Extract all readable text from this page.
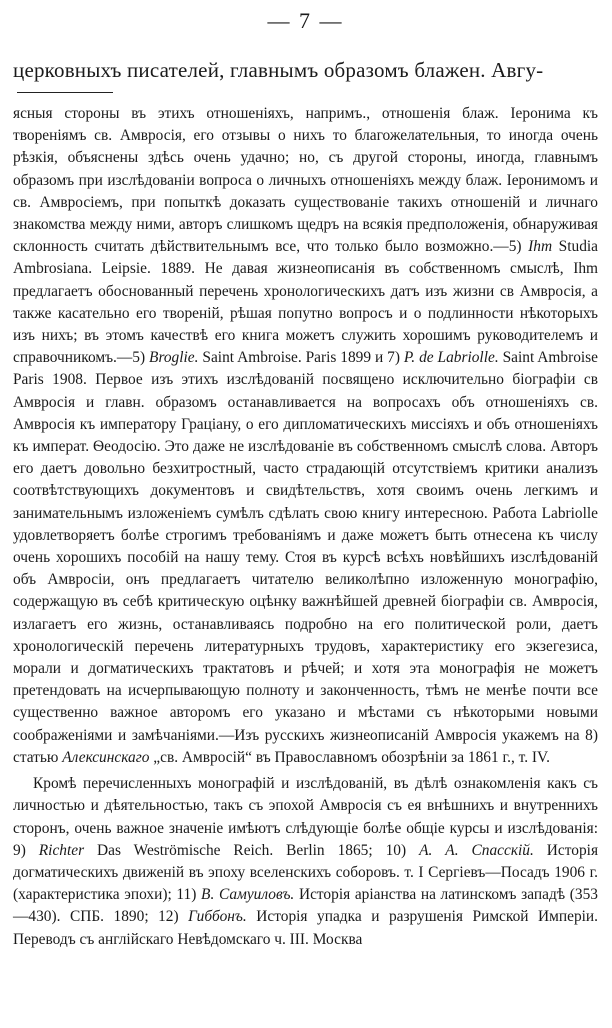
— 7 —
церковныхъ писателей, главнымъ образомъ блажен. Авгу-

ясныя стороны въ этихъ отношеніяхъ, напримъ., отношенія блаж. Іеронима къ твореніямъ св. Амвросія, его отзывы о нихъ то благожелательныя, то иногда очень рѣзкія, объяснены здѣсь очень удачно; но, съ другой стороны, иногда, главнымъ образомъ при изслѣдованіи вопроса о личныхъ отношеніяхъ между блаж. Іеронимомъ и св. Амвросіемъ, при попыткѣ доказать существованіе такихъ отношеній и личнаго знакомства между ними, авторъ слишкомъ щедръ на всякія предположенія, обнаруживая склонность считать дѣйствительнымъ все, что только было возможно.—5) Ihm Studia Ambrosiana. Leipsie. 1889. Не давая жизнеописанія въ собственномъ смыслѣ, Ihm предлагаетъ обоснованный перечень хронологическихъ датъ изъ жизни св Амвросія, а также касательно его твореній, рѣшая попутно вопросъ и о подлинности нѣкоторыхъ изъ нихъ; въ этомъ качествѣ его книга можетъ служить хорошимъ руководителемъ и справочникомъ.—5) Broglie. Saint Ambroise. Paris 1899 и 7) P. de Labriolle. Saint Ambroise Paris 1908. Первое изъ этихъ изслѣдованій посвящено исключительно біографіи св Амвросія и главн. образомъ останавливается на вопросахъ объ отношеніяхъ св. Амвросія къ императору Граціану, о его дипломатическихъ миссіяхъ и объ отношеніяхъ къ императ. Ѳеодосію. Это даже не изслѣдованіе въ собственномъ смыслѣ слова. Авторъ его даетъ довольно безхитростный, часто страдающій отсутствіемъ критики анализъ соотвѣтствующихъ документовъ и свидѣтельствъ, хотя своимъ очень легкимъ и занимательнымъ изложеніемъ сумѣлъ сдѣлать свою книгу интересною. Работа Labriolle удовлетворяетъ болѣе строгимъ требованіямъ и даже можетъ быть отнесена къ числу очень хорошихъ пособій на нашу тему. Стоя въ курсѣ всѣхъ новѣйшихъ изслѣдованій объ Амвросіи, онъ предлагаетъ читателю великолѣпно изложенную монографію, содержащую въ себѣ критическую оцѣнку важнѣйшей древней біографіи св. Амвросія, излагаетъ его жизнь, останавливаясь подробно на его политической роли, даетъ хронологическій перечень литературныхъ трудовъ, характеристику его экзегезиса, морали и догматическихъ трактатовъ и рѣчей; и хотя эта монографія не можетъ претендовать на исчерпывающую полноту и законченность, тѣмъ не менѣе почти все существенно важное авторомъ его указано и мѣстами съ нѣкоторыми новыми соображеніями и замѣчаніями.—Изъ русскихъ жизнеописаній Амвросія укажемъ на 8) статью Алексинскаго „св. Амвросій“ въ Православномъ обозрѣніи за 1861 г., т. IV.

Кромѣ перечисленныхъ монографій и изслѣдованій, въ дѣлѣ ознакомленія какъ съ личностью и дѣятельностью, такъ съ эпохой Амвросія съ ея внѣшнихъ и внутреннихъ сторонъ, очень важное значеніе имѣютъ слѣдующіе болѣе общіе курсы и изслѣдованія: 9) Richter Das Weströmische Reich. Berlin 1865; 10) А. А. Спасскій. Исторія догматическихъ движеній въ эпоху вселенскихъ соборовъ. т. I Сергіевъ—Посадъ 1906 г. (характеристика эпохи); 11) В. Самуиловъ. Исторія аріанства на латинскомъ западѣ (353—430). СПБ. 1890; 12) Гиббонъ. Исторія упадка и разрушенія Римской Имперіи. Переводъ съ англійскаго Невѣдомскаго ч. III. Москва
